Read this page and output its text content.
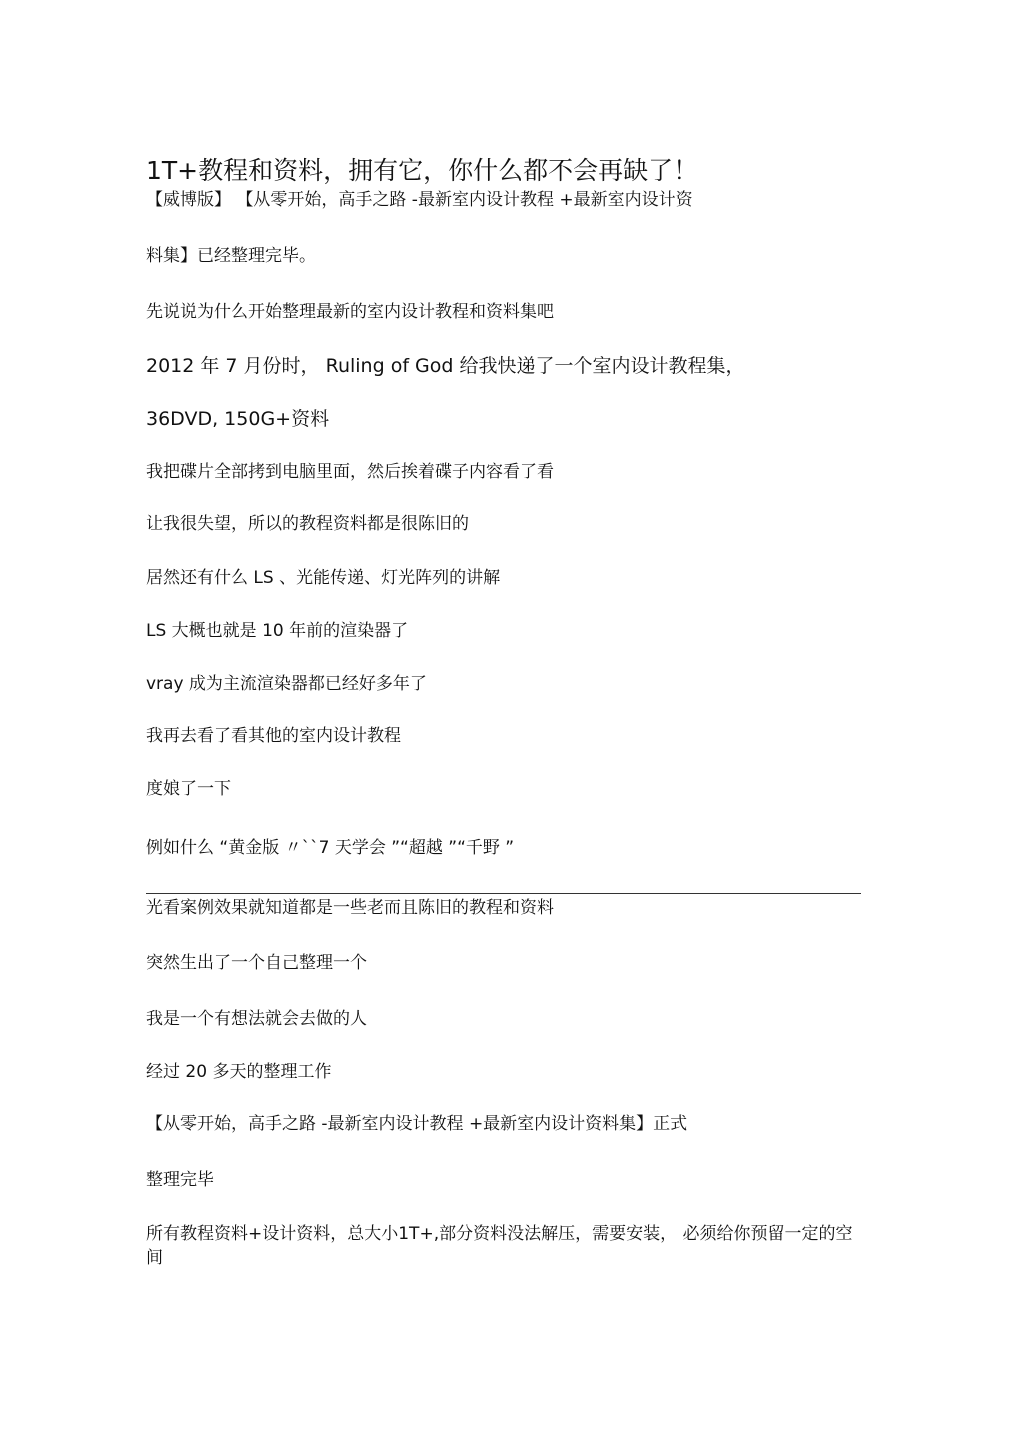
1T+教程和资料，拥有它，你什么都不会再缺了！
【威博版】 【从零开始，高手之路 -最新室内设计教程 +最新室内设计资
料集】已经整理完毕。
先说说为什么开始整理最新的室内设计教程和资料集吧
2012 年 7 月份时， Ruling of God 给我快递了一个室内设计教程集，
36DVD, 150G+资料
我把碟片全部拷到电脑里面，然后挨着碟子内容看了看
让我很失望，所以的教程资料都是很陈旧的
居然还有什么 LS 、光能传递、灯光阵列的讲解
LS 大概也就是 10 年前的渲染器了
vray 成为主流渲染器都已经好多年了
我再去看了看其他的室内设计教程
度娘了一下
例如什么 “黄金版 〃``7 天学会 ”“超越 ”“千野 ”
光看案例效果就知道都是一些老而且陈旧的教程和资料
突然生出了一个自己整理一个
我是一个有想法就会去做的人
经过 20 多天的整理工作
【从零开始，高手之路 -最新室内设计教程 +最新室内设计资料集】正式
整理完毕
所有教程资料+设计资料，总大小1T+,部分资料没法解压，需要安装， 必须给你预留一定的空间
